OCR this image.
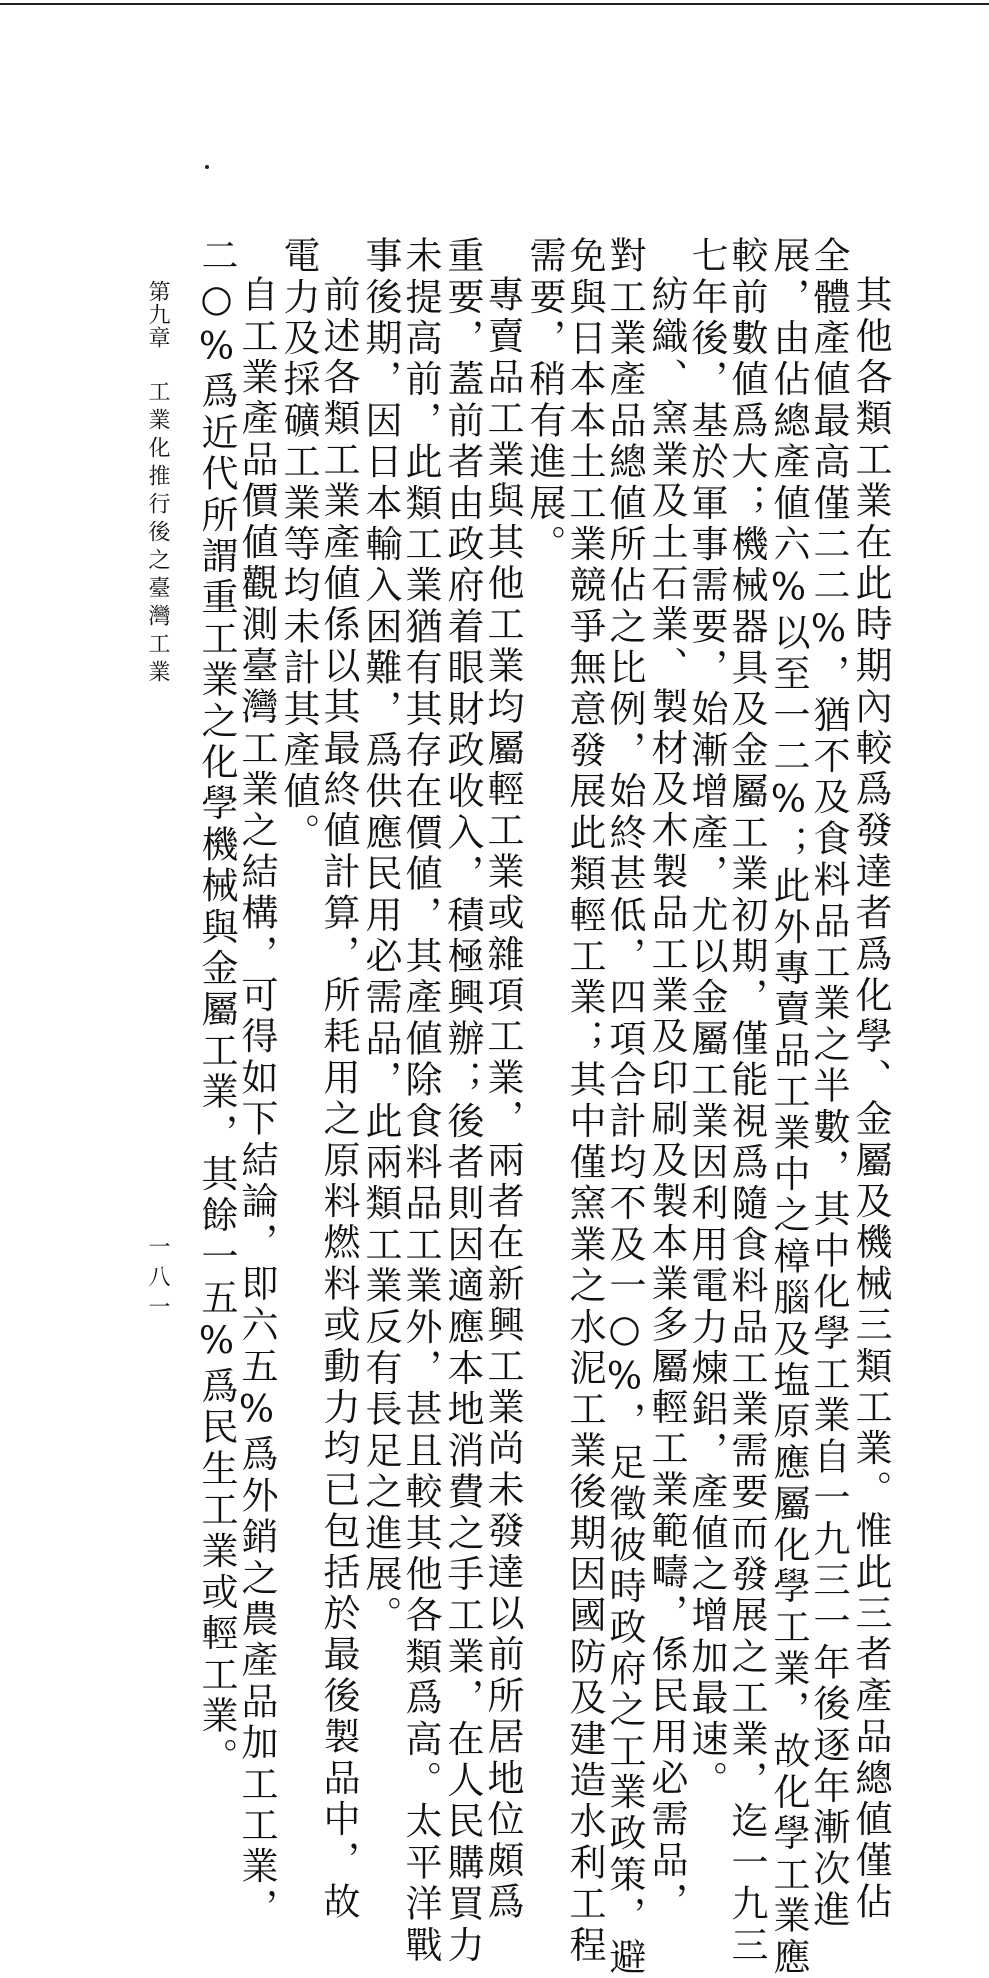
其他各類工業在此時期內較爲發達者爲化學、金屬及機械三類工業。惟此三者產品總値僅佔
全體產値最高僅二二%，猶不及食料品工業之半數，其中化學工業自一九三一年後逐年漸次進
展，由佔總產値六%以至一二%；此外專賣品工業中之樟腦及塩原應屬化學工業，故化學工業應
較前數値爲大；機械器具及金屬工業初期，僅能視爲隨食料品工業需要而發展之工業，迄一九三
七年後，基於軍事需要，始漸增產，尤以金屬工業因利用電力煉鋁，產値之增加最速。
紡織、窯業及土石業、製材及木製品工業及印刷及製本業多屬輕工業範疇，係民用必需品，
對工業產品總値所佔之比例，始終甚低，四項合計均不及一○%，足徵彼時政府之工業政策，避
免與日本本土工業競爭無意發展此類輕工業；其中僅窯業之水泥工業後期因國防及建造水利工程
需要，稍有進展。
專賣品工業與其他工業均屬輕工業或雜項工業，兩者在新興工業尚未發達以前所居地位頗爲
重要，蓋前者由政府着眼財政收入，積極興辦；後者則因適應本地消費之手工業，在人民購買力
未提高前，此類工業猶有其存在價値，其產値除食料品工業外，甚且較其他各類爲高。太平洋戰
事後期，因日本輸入困難，爲供應民用必需品，此兩類工業反有長足之進展。
前述各類工業產値係以其最終値計算，所耗用之原料燃料或動力均已包括於最後製品中，故
電力及採礦工業等均未計其產値。
自工業產品價値觀測臺灣工業之結構，可得如下結論，即六五%爲外銷之農產品加工工業，
二○%爲近代所謂重工業之化學機械與金屬工業，其餘一五%爲民生工業或輕工業。
第九章
工業化推行後之臺灣工業
一八一
